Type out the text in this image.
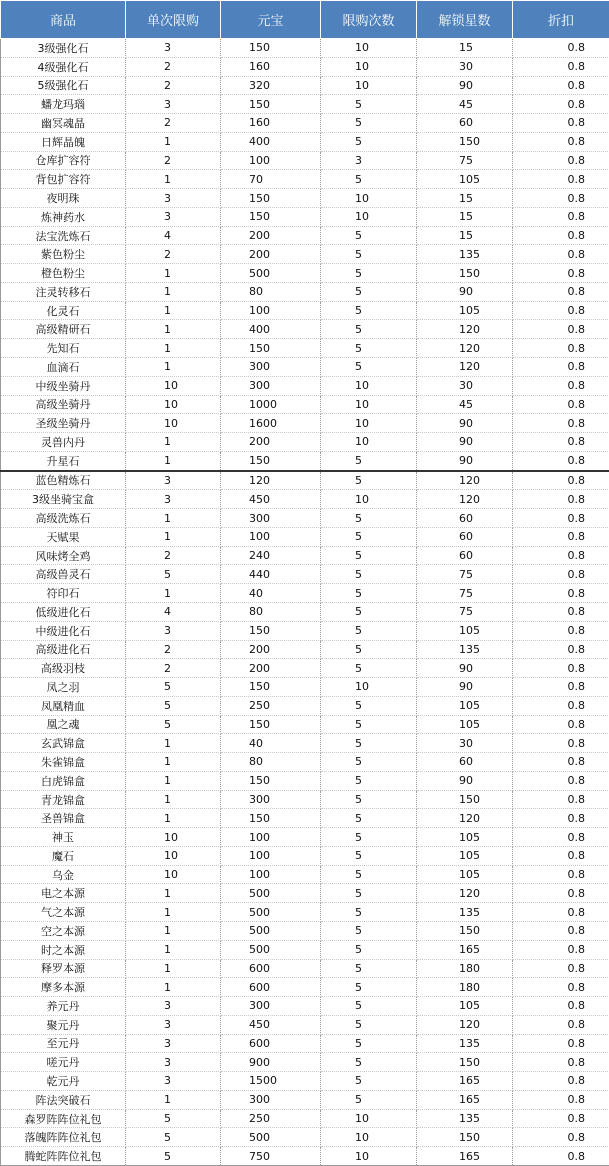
商品	单次限购	元宝	限购次数	解锁星数	折扣
3级强化石	3	150	10	15	0.8
4级强化石	2	160	10	30	0.8
5级强化石	2	320	10	90	0.8
蟠龙玛瑙	3	150	5	45	0.8
幽冥魂晶	2	160	5	60	0.8
日辉晶魄	1	400	5	150	0.8
仓库扩容符	2	100	3	75	0.8
背包扩容符	1	70	5	105	0.8
夜明珠	3	150	10	15	0.8
炼神药水	3	150	10	15	0.8
法宝洗炼石	4	200	5	15	0.8
紫色粉尘	2	200	5	135	0.8
橙色粉尘	1	500	5	150	0.8
注灵转移石	1	80	5	90	0.8
化灵石	1	100	5	105	0.8
高级精研石	1	400	5	120	0.8
先知石	1	150	5	120	0.8
血滴石	1	300	5	120	0.8
中级坐骑丹	10	300	10	30	0.8
高级坐骑丹	10	1000	10	45	0.8
圣级坐骑丹	10	1600	10	90	0.8
灵兽内丹	1	200	10	90	0.8
升星石	1	150	5	90	0.8
蓝色精炼石	3	120	5	120	0.8
3级坐骑宝盒	3	450	10	120	0.8
高级洗炼石	1	300	5	60	0.8
天赋果	1	100	5	60	0.8
风味烤全鸡	2	240	5	60	0.8
高级兽灵石	5	440	5	75	0.8
符印石	1	40	5	75	0.8
低级进化石	4	80	5	75	0.8
中级进化石	3	150	5	105	0.8
高级进化石	2	200	5	135	0.8
高级羽枝	2	200	5	90	0.8
凤之羽	5	150	10	90	0.8
凤凰精血	5	250	5	105	0.8
凰之魂	5	150	5	105	0.8
玄武锦盒	1	40	5	30	0.8
朱雀锦盒	1	80	5	60	0.8
白虎锦盒	1	150	5	90	0.8
青龙锦盒	1	300	5	150	0.8
圣兽锦盒	1	150	5	120	0.8
神玉	10	100	5	105	0.8
魔石	10	100	5	105	0.8
乌金	10	100	5	105	0.8
电之本源	1	500	5	120	0.8
气之本源	1	500	5	135	0.8
空之本源	1	500	5	150	0.8
时之本源	1	500	5	165	0.8
释罗本源	1	600	5	180	0.8
摩多本源	1	600	5	180	0.8
养元丹	3	300	5	105	0.8
聚元丹	3	450	5	120	0.8
至元丹	3	600	5	135	0.8
嗟元丹	3	900	5	150	0.8
乾元丹	3	1500	5	165	0.8
阵法突破石	1	300	5	165	0.8
森罗阵阵位礼包	5	250	10	135	0.8
落魄阵阵位礼包	5	500	10	150	0.8
腾蛇阵阵位礼包	5	750	10	165	0.8
